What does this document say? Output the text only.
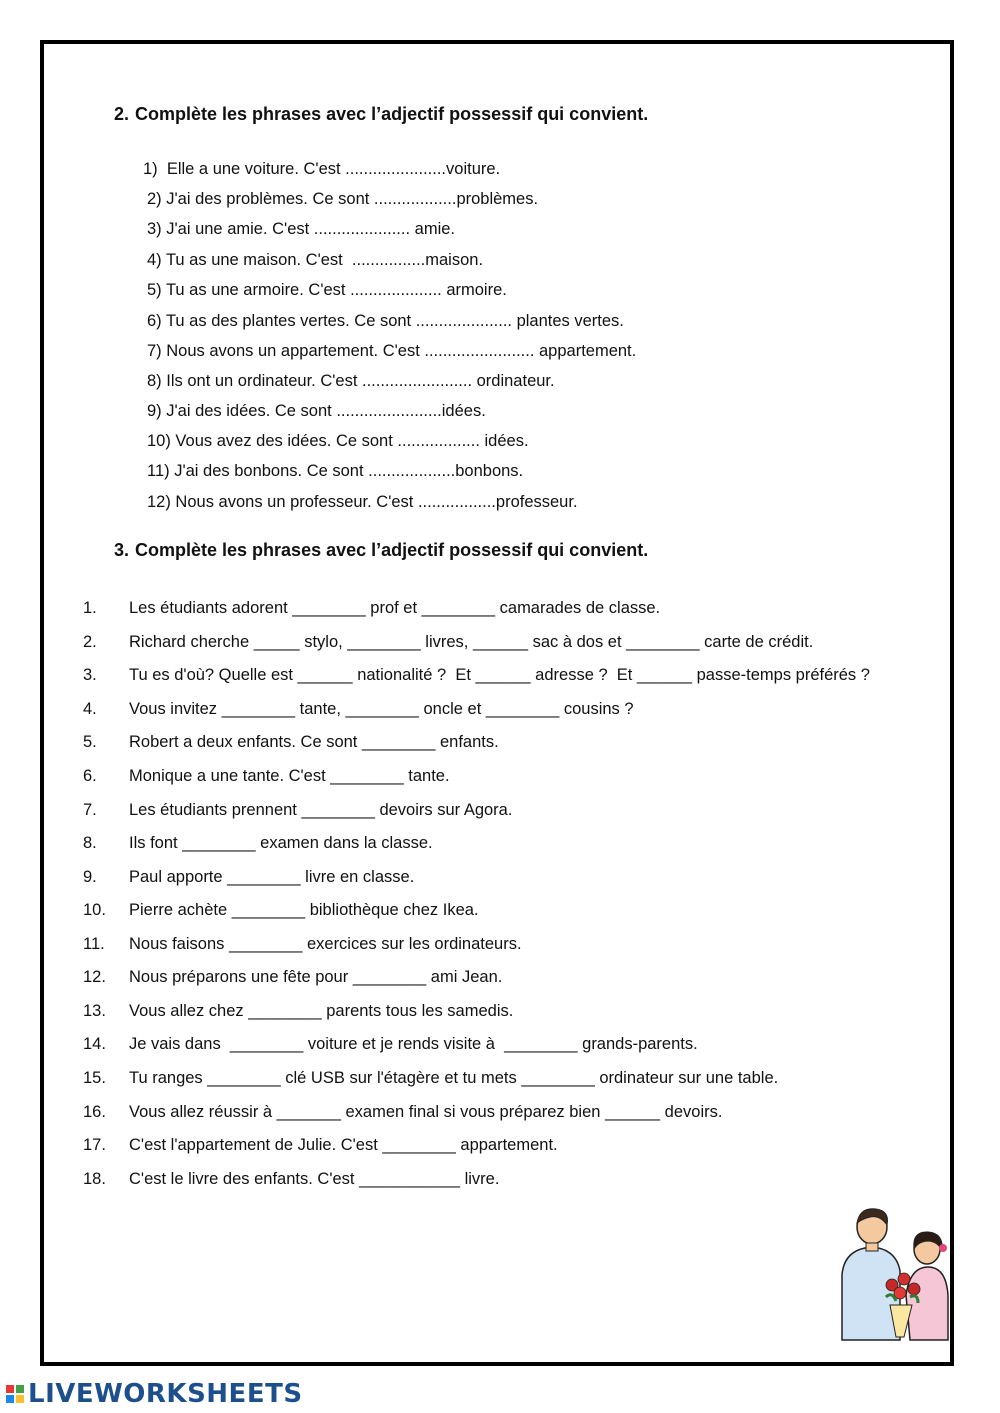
2. Complète les phrases avec l’adjectif possessif qui convient.
1)  Elle a une voiture. C'est ......................voiture.
2) J'ai des problèmes. Ce sont ..................problèmes.
3) J'ai une amie. C'est ..................... amie.
4) Tu as une maison. C'est  ................maison.
5) Tu as une armoire. C'est .................... armoire.
6) Tu as des plantes vertes. Ce sont ..................... plantes vertes.
7) Nous avons un appartement. C'est ........................ appartement.
8) Ils ont un ordinateur. C'est ........................ ordinateur.
9) J'ai des idées. Ce sont .......................idées.
10) Vous avez des idées. Ce sont .................. idées.
11) J'ai des bonbons. Ce sont ...................bonbons.
12) Nous avons un professeur. C'est .................professeur.
3. Complète les phrases avec l’adjectif possessif qui convient.
1. Les étudiants adorent ________ prof et ________ camarades de classe.
2. Richard cherche _____ stylo, ________ livres, ______ sac à dos et ________ carte de crédit.
3. Tu es d'où? Quelle est ______ nationalité ?  Et ______ adresse ?  Et ______ passe-temps préférés ?
4. Vous invitez ________ tante, ________ oncle et ________ cousins ?
5. Robert a deux enfants. Ce sont ________ enfants.
6. Monique a une tante. C'est ________ tante.
7. Les étudiants prennent ________ devoirs sur Agora.
8. Ils font ________ examen dans la classe.
9. Paul apporte ________ livre en classe.
10. Pierre achète ________ bibliothèque chez Ikea.
11. Nous faisons ________ exercices sur les ordinateurs.
12. Nous préparons une fête pour ________ ami Jean.
13. Vous allez chez ________ parents tous les samedis.
14. Je vais dans  ________ voiture et je rends visite à  ________ grands-parents.
15. Tu ranges ________ clé USB sur l'étagère et tu mets ________ ordinateur sur une table.
16. Vous allez réussir à _______ examen final si vous préparez bien ______ devoirs.
17. C'est l'appartement de Julie. C'est ________ appartement.
18. C'est le livre des enfants. C'est ___________ livre.
LIVEWORKSHEETS
